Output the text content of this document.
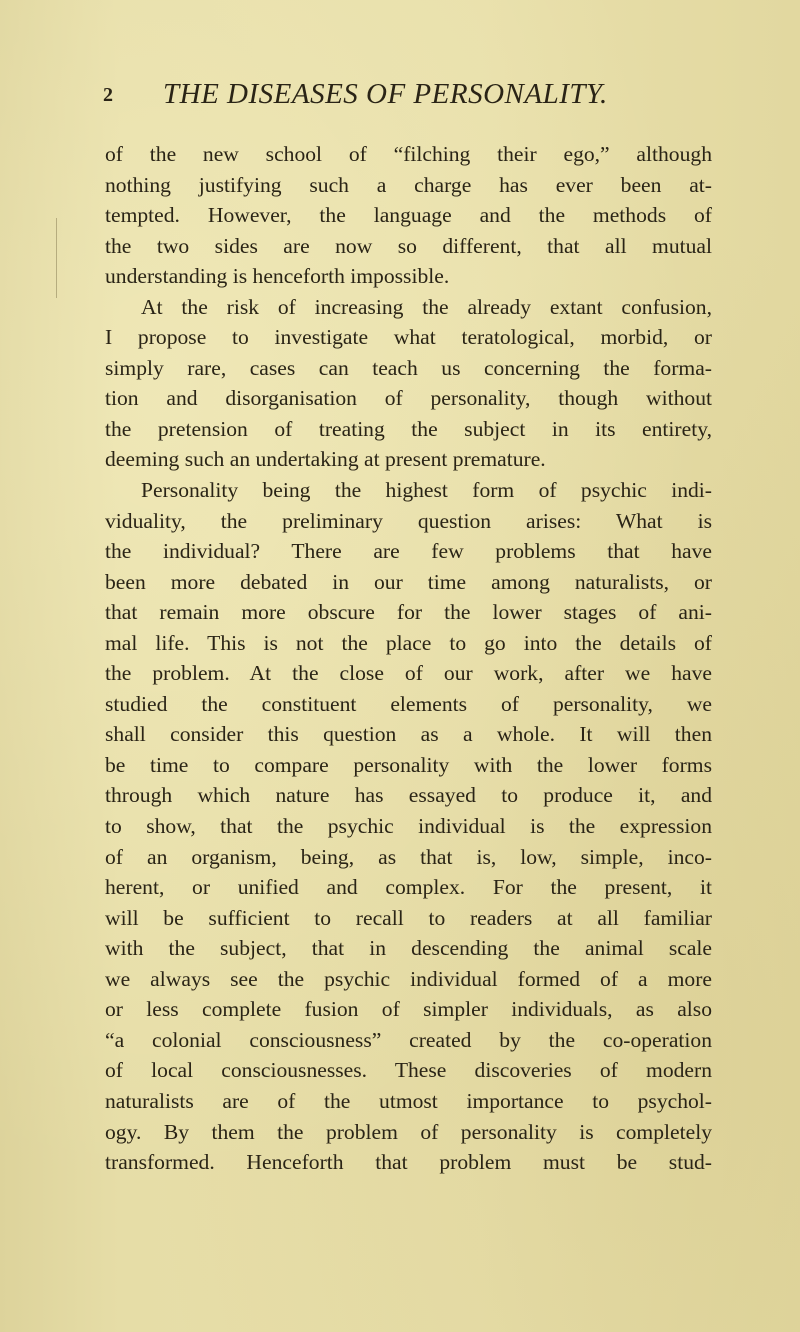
2 THE DISEASES OF PERSONALITY.
of the new school of “filching their ego,” although
nothing justifying such a charge has ever been at-
tempted. However, the language and the methods of
the two sides are now so different, that all mutual
understanding is henceforth impossible.
At the risk of increasing the already extant confusion,
I propose to investigate what teratological, morbid, or
simply rare, cases can teach us concerning the forma-
tion and disorganisation of personality, though without
the pretension of treating the subject in its entirety,
deeming such an undertaking at present premature.
Personality being the highest form of psychic indi-
viduality, the preliminary question arises: What is
the individual? There are few problems that have
been more debated in our time among naturalists, or
that remain more obscure for the lower stages of ani-
mal life. This is not the place to go into the details of
the problem. At the close of our work, after we have
studied the constituent elements of personality, we
shall consider this question as a whole. It will then
be time to compare personality with the lower forms
through which nature has essayed to produce it, and
to show, that the psychic individual is the expression
of an organism, being, as that is, low, simple, inco-
herent, or unified and complex. For the present, it
will be sufficient to recall to readers at all familiar
with the subject, that in descending the animal scale
we always see the psychic individual formed of a more
or less complete fusion of simpler individuals, as also
“a colonial consciousness” created by the co-operation
of local consciousnesses. These discoveries of modern
naturalists are of the utmost importance to psychol-
ogy. By them the problem of personality is completely
transformed. Henceforth that problem must be stud-
